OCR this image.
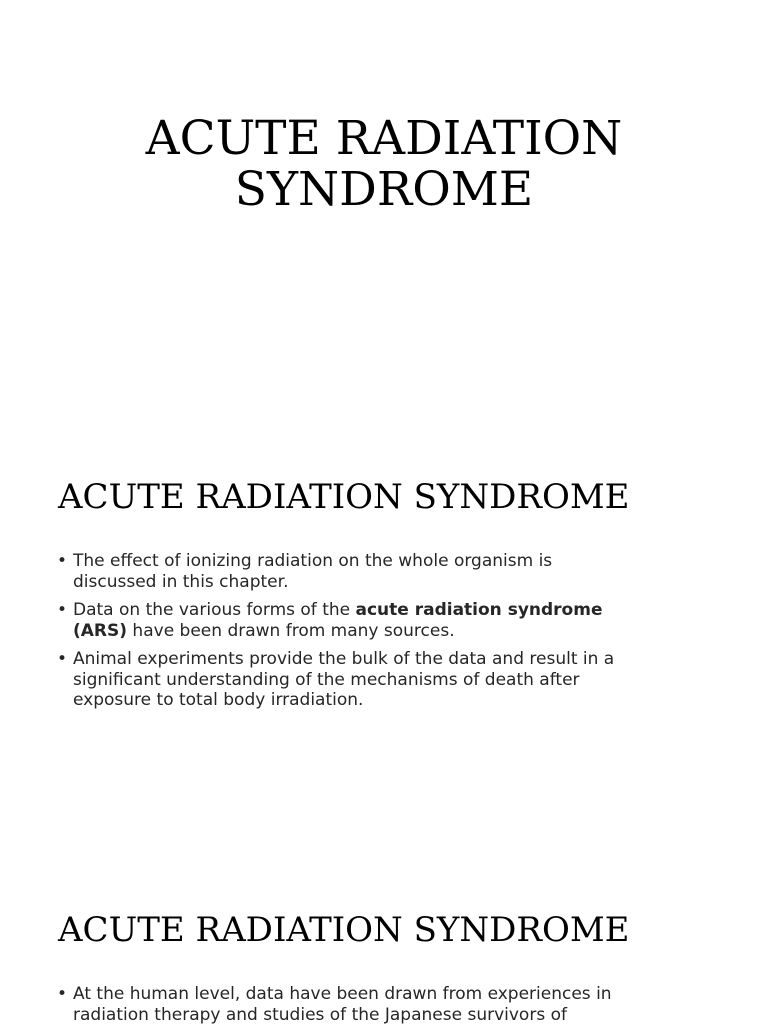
ACUTE RADIATION
SYNDROME
ACUTE RADIATION SYNDROME
• The effect of ionizing radiation on the whole organism is
discussed in this chapter.
• Data on the various forms of the acute radiation syndrome
(ARS) have been drawn from many sources.
• Animal experiments provide the bulk of the data and result in a
significant understanding of the mechanisms of death after
exposure to total body irradiation.
ACUTE RADIATION SYNDROME
• At the human level, data have been drawn from experiences in
radiation therapy and studies of the Japanese survivors of
